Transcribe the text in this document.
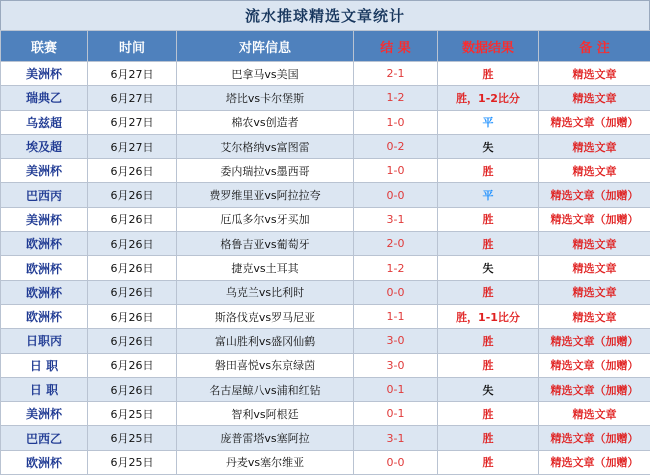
流水推球精选文章统计
联赛	时间	对阵信息	结 果	数据结果	备 注
美洲杯	6月27日	巴拿马vs美国	2-1	胜	精选文章
瑞典乙	6月27日	塔比vs卡尔堡斯	1-2	胜，1-2比分	精选文章
乌兹超	6月27日	棉农vs创造者	1-0	平	精选文章（加赠）
埃及超	6月27日	艾尔格纳vs富图雷	0-2	失	精选文章
美洲杯	6月26日	委内瑞拉vs墨西哥	1-0	胜	精选文章
巴西丙	6月26日	费罗维里亚vs阿拉拉夸	0-0	平	精选文章（加赠）
美洲杯	6月26日	厄瓜多尔vs牙买加	3-1	胜	精选文章（加赠）
欧洲杯	6月26日	格鲁吉亚vs葡萄牙	2-0	胜	精选文章
欧洲杯	6月26日	捷克vs土耳其	1-2	失	精选文章
欧洲杯	6月26日	乌克兰vs比利时	0-0	胜	精选文章
欧洲杯	6月26日	斯洛伐克vs罗马尼亚	1-1	胜，1-1比分	精选文章
日职丙	6月26日	富山胜利vs盛冈仙鹤	3-0	胜	精选文章（加赠）
日 职	6月26日	磐田喜悦vs东京绿茵	3-0	胜	精选文章（加赠）
日 职	6月26日	名古屋鲸八vs浦和红钻	0-1	失	精选文章（加赠）
美洲杯	6月25日	智利vs阿根廷	0-1	胜	精选文章
巴西乙	6月25日	庞普雷塔vs塞阿拉	3-1	胜	精选文章（加赠）
欧洲杯	6月25日	丹麦vs塞尔维亚	0-0	胜	精选文章（加赠）
